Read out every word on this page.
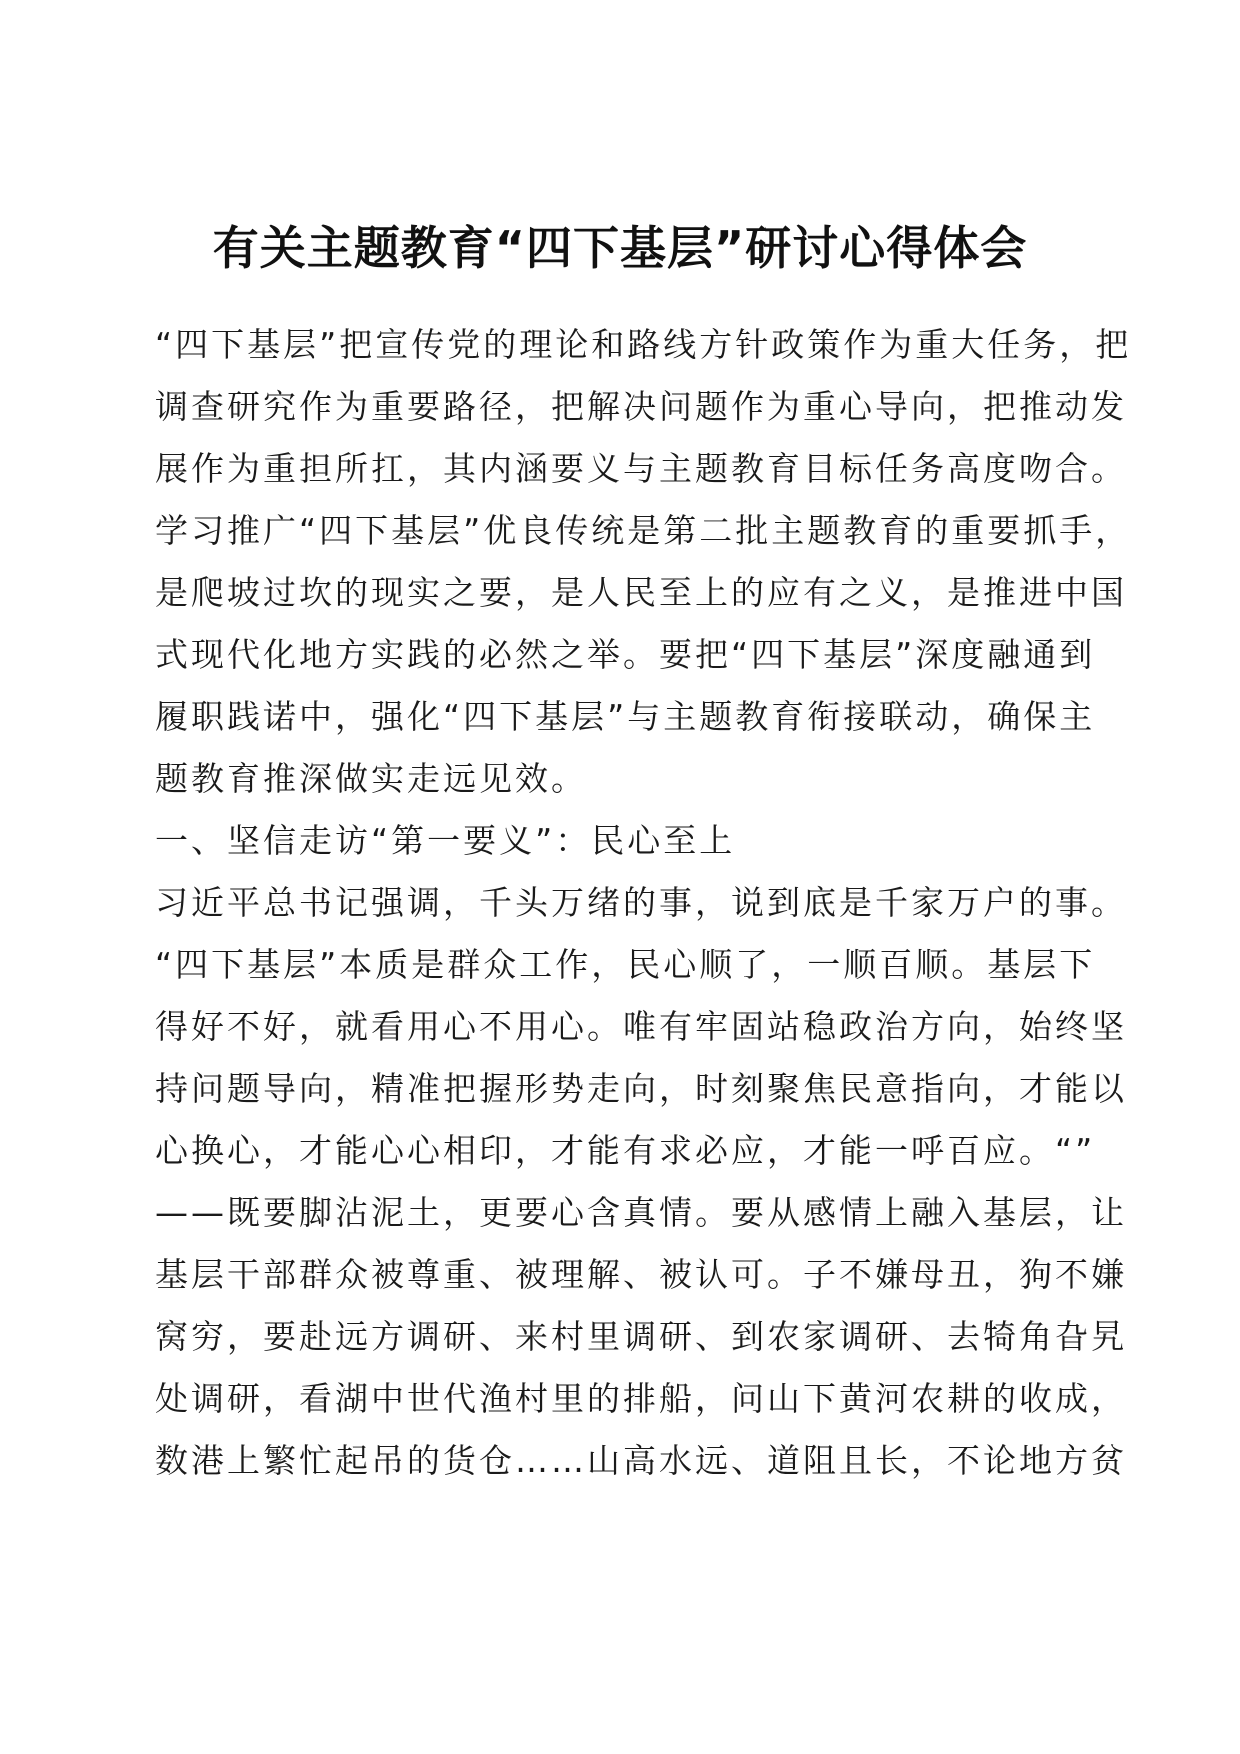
有关主题教育“四下基层”研讨心得体会
“四下基层”把宣传党的理论和路线方针政策作为重大任务，把
调查研究作为重要路径，把解决问题作为重心导向，把推动发
展作为重担所扛，其内涵要义与主题教育目标任务高度吻合。
学习推广“四下基层”优良传统是第二批主题教育的重要抓手，
是爬坡过坎的现实之要，是人民至上的应有之义，是推进中国
式现代化地方实践的必然之举。要把“四下基层”深度融通到
履职践诺中，强化“四下基层”与主题教育衔接联动，确保主
题教育推深做实走远见效。
一、坚信走访“第一要义”：民心至上
习近平总书记强调，千头万绪的事，说到底是千家万户的事。
“四下基层”本质是群众工作，民心顺了，一顺百顺。基层下
得好不好，就看用心不用心。唯有牢固站稳政治方向，始终坚
持问题导向，精准把握形势走向，时刻聚焦民意指向，才能以
心换心，才能心心相印，才能有求必应，才能一呼百应。“”
——既要脚沾泥土，更要心含真情。要从感情上融入基层，让
基层干部群众被尊重、被理解、被认可。子不嫌母丑，狗不嫌
窝穷，要赴远方调研、来村里调研、到农家调研、去犄角旮旯
处调研，看湖中世代渔村里的排船，问山下黄河农耕的收成，
数港上繁忙起吊的货仓……山高水远、道阻且长，不论地方贫
